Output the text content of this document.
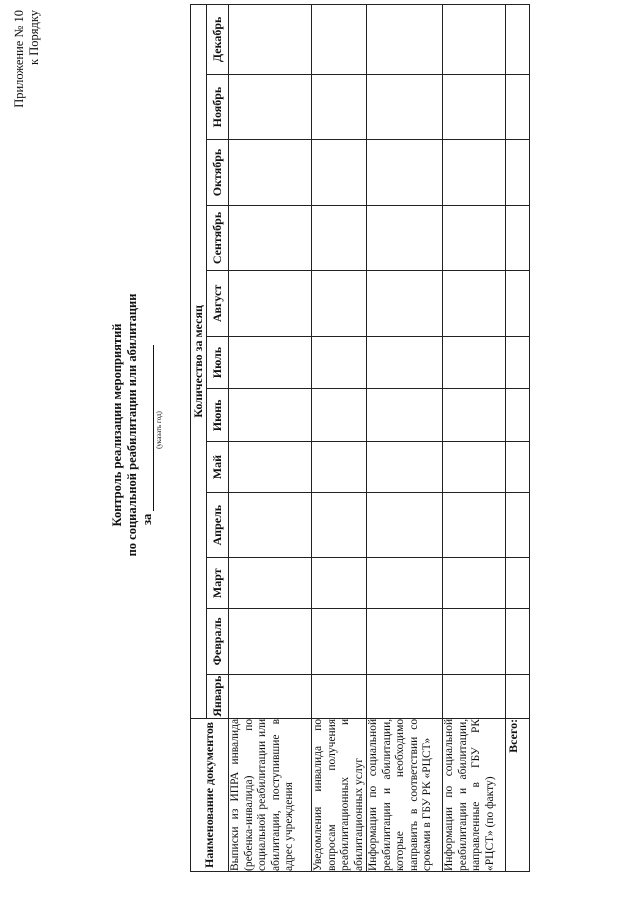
Приложение № 10 к Порядку
Контроль реализации мероприятий по социальной реабилитации или абилитации за
(указать год)
Наименование документов	Количество за месяц											
	Январь	Февраль	Март	Апрель	Май	Июнь	Июль	Август	Сентябрь	Октябрь	Ноябрь	Декабрь
Выписки из ИПРА инвалида (ребенка-инвалида) по социальной реабилитации или абилитации, поступившие в адрес учреждения												
Уведомления инвалида по вопросам получения реабилитационных и абилитационных услуг												
Информации по социальной реабилитации и абилитации, которые необходимо направить в соответствии со сроками в ГБУ РК «РЦСТ»												
Информации по социальной реабилитации и абилитации, направленные в ГБУ РК «РЦСТ» (по факту)												
Всего:												
